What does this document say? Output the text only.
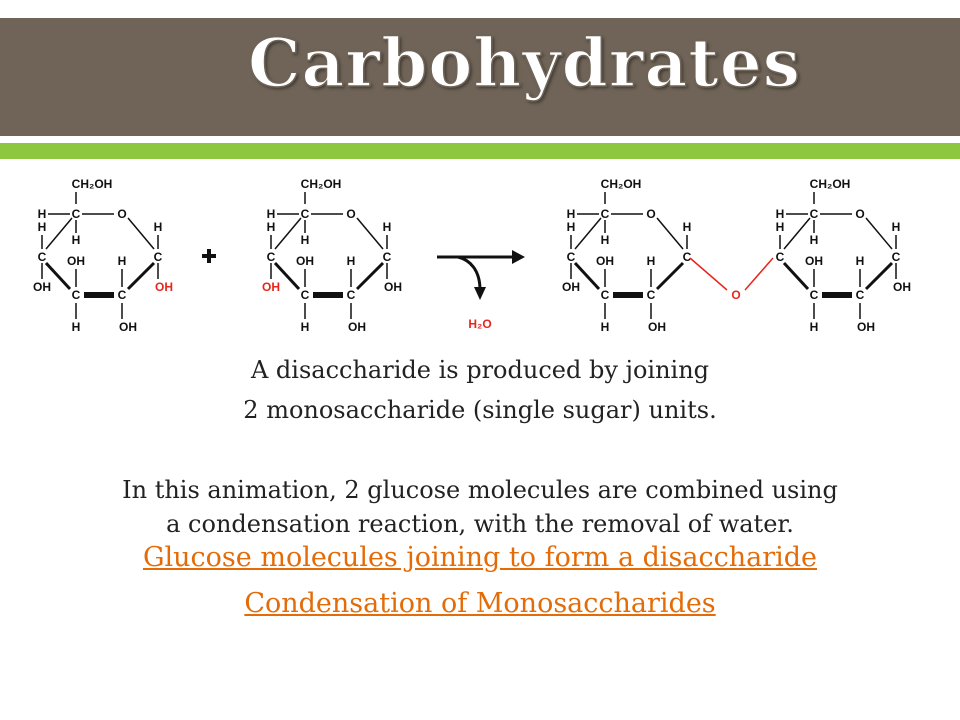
Carbohydrates
CH₂OH
C	O
C	C
C	C
H
H
H
OH
H
OH
OH
H
H
OH
CH₂OH
C	O
C	C
C	C
H
H
H
OH
H
OH
OH
H
H
OH
CH₂OH
C	O
C	C
C	C
H
H
H
OH
H
OH
H
H
OH
CH₂OH
C	O
C	C
C	C
H
H
H	H
OH
OH
H
H
OH
H₂O
O
A disaccharide is produced by joining
2 monosaccharide (single sugar) units.
In this animation, 2 glucose molecules are combined using
a condensation reaction, with the removal of water.
Glucose molecules joining to form a disaccharide
Condensation of Monosaccharides
